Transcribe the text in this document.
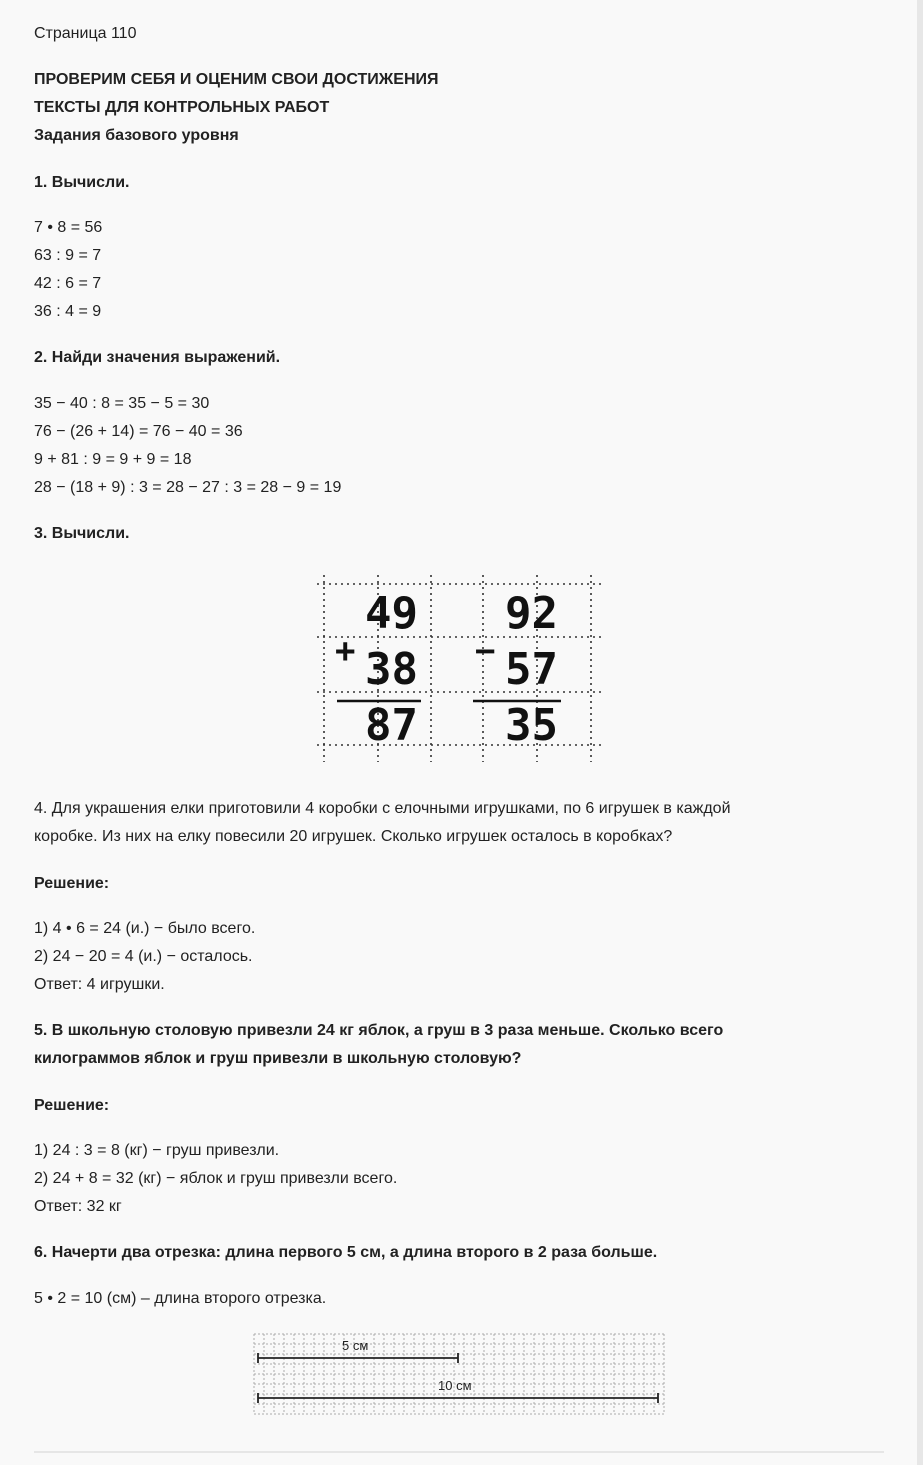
Страница 110
ПРОВЕРИМ СЕБЯ И ОЦЕНИМ СВОИ ДОСТИЖЕНИЯ
ТЕКСТЫ ДЛЯ КОНТРОЛЬНЫХ РАБОТ
Задания базового уровня
1. Вычисли.
7 • 8 = 56
63 : 9 = 7
42 : 6 = 7
36 : 4 = 9
2. Найди значения выражений.
35 − 40 : 8 = 35 − 5 = 30
76 − (26 + 14) = 76 − 40 = 36
9 + 81 : 9 = 9 + 9 = 18
28 − (18 + 9) : 3 = 28 − 27 : 3 = 28 − 9 = 19
3. Вычисли.
4. Для украшения елки приготовили 4 коробки с елочными игрушками, по 6 игрушек в каждой
коробке. Из них на елку повесили 20 игрушек. Сколько игрушек осталось в коробках?
Решение:
1) 4 • 6 = 24 (и.) − было всего.
2) 24 − 20 = 4 (и.) − осталось.
Ответ: 4 игрушки.
5. В школьную столовую привезли 24 кг яблок, а груш в 3 раза меньше. Сколько всего
килограммов яблок и груш привезли в школьную столовую?
Решение:
1) 24 : 3 = 8 (кг) − груш привезли.
2) 24 + 8 = 32 (кг) − яблок и груш привезли всего.
Ответ: 32 кг
6. Начерти два отрезка: длина первого 5 см, а длина второго в 2 раза больше.
5 • 2 = 10 (см) – длина второго отрезка.
49
38
87
92
57
35
+	−
5 см
10 см
